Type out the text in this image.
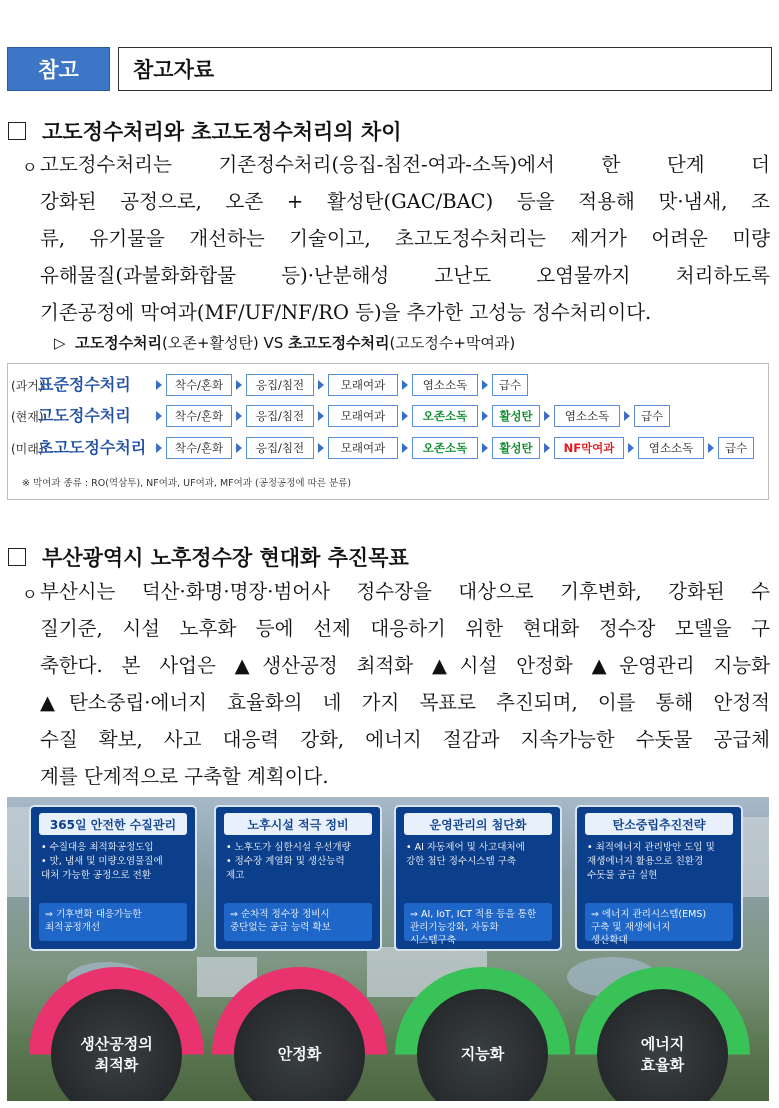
참고	참고자료
고도정수처리와 초고도정수처리의 차이
ㅇ 고도정수처리는 기존정수처리(응집-침전-여과-소독)에서 한 단계 더
강화된 공정으로, 오존 + 활성탄(GAC/BAC) 등을 적용해 맛·냄새, 조
류, 유기물을 개선하는 기술이고, 초고도정수처리는 제거가 어려운 미량
유해물질(과불화화합물 등)·난분해성 고난도 오염물까지 처리하도록
기존공정에 막여과(MF/UF/NF/RO 등)을 추가한 고성능 정수처리이다.
▷ 고도정수처리(오존+활성탄) VS 초고도정수처리(고도정수+막여과)
(과거)
표준정수처리	착수/혼화	응집/침전	모래여과	염소소독	급수
(현재)
고도정수처리	착수/혼화	응집/침전	모래여과	오존소독	활성탄	염소소독	급수
(미래)
초고도정수처리	착수/혼화	응집/침전	모래여과	오존소독	활성탄	NF막여과	염소소독	급수
※ 막여과 종류 : RO(역삼투), NF여과, UF여과, MF여과 (공정공정에 따른 분류)
부산광역시 노후정수장 현대화 추진목표
ㅇ 부산시는 덕산·화명·명장·범어사 정수장을 대상으로 기후변화, 강화된 수
질기준, 시설 노후화 등에 선제 대응하기 위한 현대화 정수장 모델을 구
축한다. 본 사업은 ▲생산공정 최적화 ▲시설 안정화 ▲운영관리 지능화
▲탄소중립·에너지 효율화의 네 가지 목표로 추진되며, 이를 통해 안정적
수질 확보, 사고 대응력 강화, 에너지 절감과 지속가능한 수돗물 공급체
계를 단계적으로 구축할 계획이다.
365일 안전한 수질관리
• 수질대응 최적화공정도입
• 맛, 냄새 및 미량오염물질에
대처 가능한 공정으로 전환
⇒ 기후변화 대응가능한
최적공정개선
노후시설 적극 정비
• 노후도가 심한시설 우선개량
• 정수장 계열화 및 생산능력
제고
⇒ 순차적 정수장 정비시
중단없는 공급 능력 확보
운영관리의 첨단화
• AI 자동제어 및 사고대처에
강한 첨단 정수시스템 구축
⇒ AI, IoT, ICT 적용 등을 통한
관리기능강화, 자동화
시스템구축
탄소중립추진전략
• 최적에너지 관리방안 도입 및
재생에너지 활용으로 친환경
수돗물 공급 실현
⇒ 에너지 관리시스템(EMS)
구축 및 재생에너지
생산확대
생산공정의
최적화
안정화	지능화
에너지
효율화
